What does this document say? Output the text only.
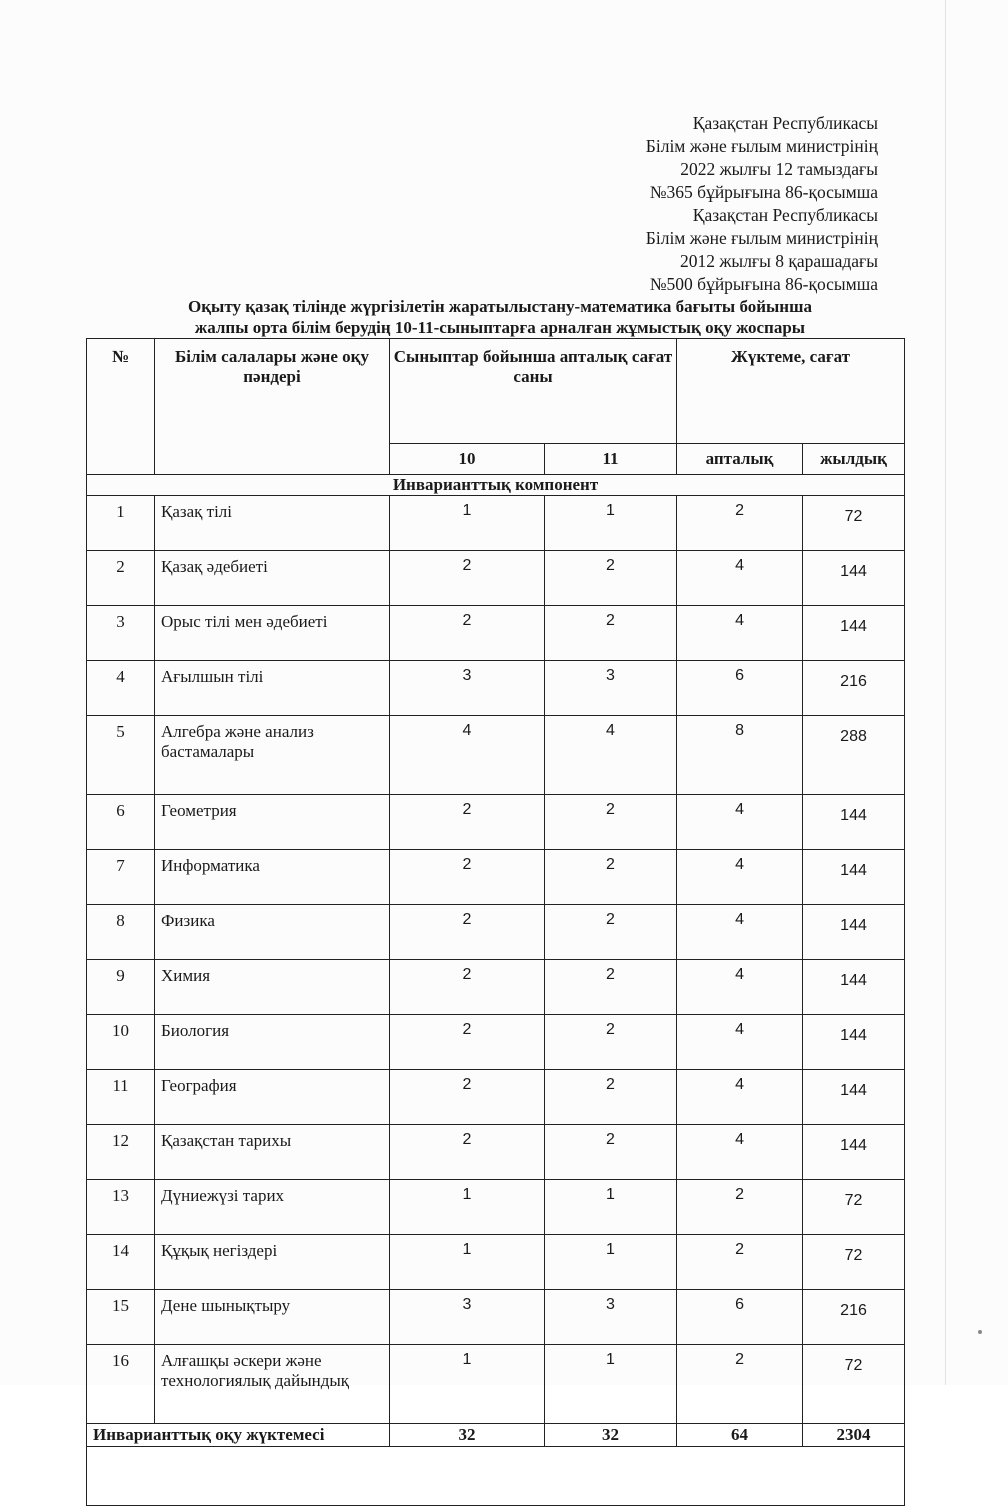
Қазақстан Республикасы
Білім және ғылым министрінің
2022 жылғы 12 тамыздағы
№365 бұйрығына 86-қосымша
Қазақстан Республикасы
Білім және ғылым министрінің
2012 жылғы 8 қарашадағы
№500 бұйрығына 86-қосымша
Оқыту қазақ тілінде жүргізілетін жаратылыстану-математика бағыты бойынша
жалпы орта білім берудің 10-11-сыныптарға арналған жұмыстық оқу жоспары
№	Білім салалары және оқу пәндері	Сыныптар бойынша апталық сағат саны		Жүктеме, сағат	
		10	11	апталық	жылдық
Инварианттық компонент					
1	Қазақ тілі	1	1	2	72
2	Қазақ әдебиеті	2	2	4	144
3	Орыс тілі мен әдебиеті	2	2	4	144
4	Ағылшын тілі	3	3	6	216
5	Алгебра және анализ бастамалары	4	4	8	288
6	Геометрия	2	2	4	144
7	Информатика	2	2	4	144
8	Физика	2	2	4	144
9	Химия	2	2	4	144
10	Биология	2	2	4	144
11	География	2	2	4	144
12	Қазақстан тарихы	2	2	4	144
13	Дүниежүзі тарих	1	1	2	72
14	Құқық негіздері	1	1	2	72
15	Дене шынықтыру	3	3	6	216
16	Алғашқы әскери және технологиялық дайындық	1	1	2	72
Инварианттық оқу жүктемесі		32	32	64	2304
